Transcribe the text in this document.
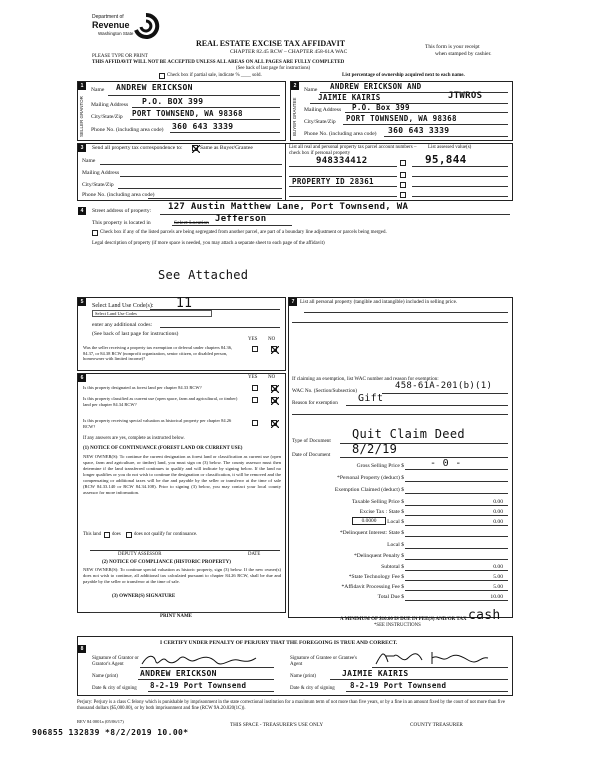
Department of
Revenue
Washington State
REAL ESTATE EXCISE TAX AFFIDAVIT
CHAPTER 82.45 RCW – CHAPTER 458-61A WAC
This form is your receipt
when stamped by cashier.
PLEASE TYPE OR PRINT
THIS AFFIDAVIT WILL NOT BE ACCEPTED UNLESS ALL AREAS ON ALL PAGES ARE FULLY COMPLETED
(See back of last page for instructions)
Check box if partial sale, indicate % ____ sold.	List percentage of ownership acquired next to each name.
1
SELLER GRANTOR
Name ANDREW ERICKSON
Mailing Address P.O. BOX 399
City/State/Zip PORT TOWNSEND, WA 98368
Phone No. (including area code) 360 643 3339
2
BUYER GRANTEE
Name ANDREW ERICKSON AND
JAIMIE KAIRIS	JTWROS
Mailing Address P.O. Box 399
City/State/Zip PORT TOWNSEND, WA 98368
Phone No. (including area code) 360 643 3339
3	Send all property tax correspondence to:	Same as Buyer/Grantee
Name
Mailing Address
City/State/Zip
Phone No. (including area code)
List all real and personal property tax parcel account numbers – check box if personal property
List assessed value(s)
948334412	95,844
PROPERTY ID 28361
4	Street address of property: 127 Austin Matthew Lane, Port Townsend, WA
This property is located in	Select Location Jefferson
Check box if any of the listed parcels are being segregated from another parcel, are part of a boundary line adjustment or parcels being merged.
Legal description of property (if more space is needed, you may attach a separate sheet to each page of the affidavit)
See Attached
5
Select Land Use Code(s): 11
Select Land Use Codes
enter any additional codes:
(See back of last page for instructions)
YES NO
Was the seller receiving a property tax exemption or deferral under chapters 84.36, 84.37, or 84.38 RCW (nonprofit organization, senior citizen, or disabled person, homeowner with limited income)?
6	YES NO
Is this property designated as forest land per chapter 84.33 RCW?
Is this property classified as current use (open space, farm and agricultural, or timber) land per chapter 84.34 RCW?
Is this property receiving special valuation as historical property per chapter 84.26 RCW?
If any answers are yes, complete as instructed below.
(1) NOTICE OF CONTINUANCE (FOREST LAND OR CURRENT USE)
NEW OWNER(S): To continue the current designation as forest land or classification as current use (open space, farm and agriculture, or timber) land, you must sign on (3) below. The county assessor must then determine if the land transferred continues to qualify and will indicate by signing below. If the land no longer qualifies or you do not wish to continue the designation or classification, it will be removed and the compensating or additional taxes will be due and payable by the seller or transferor at the time of sale (RCW 84.33.140 or RCW 84.34.108). Prior to signing (3) below, you may contact your local county assessor for more information.
This land does	does not qualify for continuance.
DEPUTY ASSESSOR	DATE
(2) NOTICE OF COMPLIANCE (HISTORIC PROPERTY)
NEW OWNER(S): To continue special valuation as historic property, sign (3) below. If the new owner(s) does not wish to continue, all additional tax calculated pursuant to chapter 84.26 RCW, shall be due and payable by the seller or transferor at the time of sale.
(3) OWNER(S) SIGNATURE
PRINT NAME
7	List all personal property (tangible and intangible) included in selling price.
If claiming an exemption, list WAC number and reason for exemption:
WAC No. (Section/Subsection)	458-61A-201(b)(1)
Reason for exemption Gift
Type of Document Quit Claim Deed
Date of Document 8/2/19
Gross Selling Price $	- 0 -
*Personal Property (deduct) $
Exemption Claimed (deduct) $
Taxable Selling Price $	0.00
Excise Tax : State $	0.00
0.0000	Local $	0.00
*Delinquent Interest: State $
Local $
*Delinquent Penalty $
Subtotal $	0.00
*State Technology Fee $	5.00
*Affidavit Processing Fee $	5.00
Total Due $	10.00
A MINIMUM OF $10.00 IS DUE IN FEE(S) AND/OR TAX
*SEE INSTRUCTIONS
cash
8
I CERTIFY UNDER PENALTY OF PERJURY THAT THE FOREGOING IS TRUE AND CORRECT.
Signature of Grantor or Grantor's Agent
Name (print)	ANDREW ERICKSON
Date & city of signing 8-2-19 Port Townsend
Signature of Grantee or Grantee's Agent
Name (print)	JAIMIE KAIRIS
Date & city of signing 8-2-19 Port Townsend
Perjury: Perjury is a class C felony which is punishable by imprisonment in the state correctional institution for a maximum term of not more than five years, or by a fine in an amount fixed by the court of not more than five thousand dollars ($5,000.00), or by both imprisonment and fine (RCW 9A.20.020(1C)).
REV 84 0001a (05/06/17)
THIS SPACE - TREASURER'S USE ONLY	COUNTY TREASURER
906855 132839 *8/2/2019 10.00*
